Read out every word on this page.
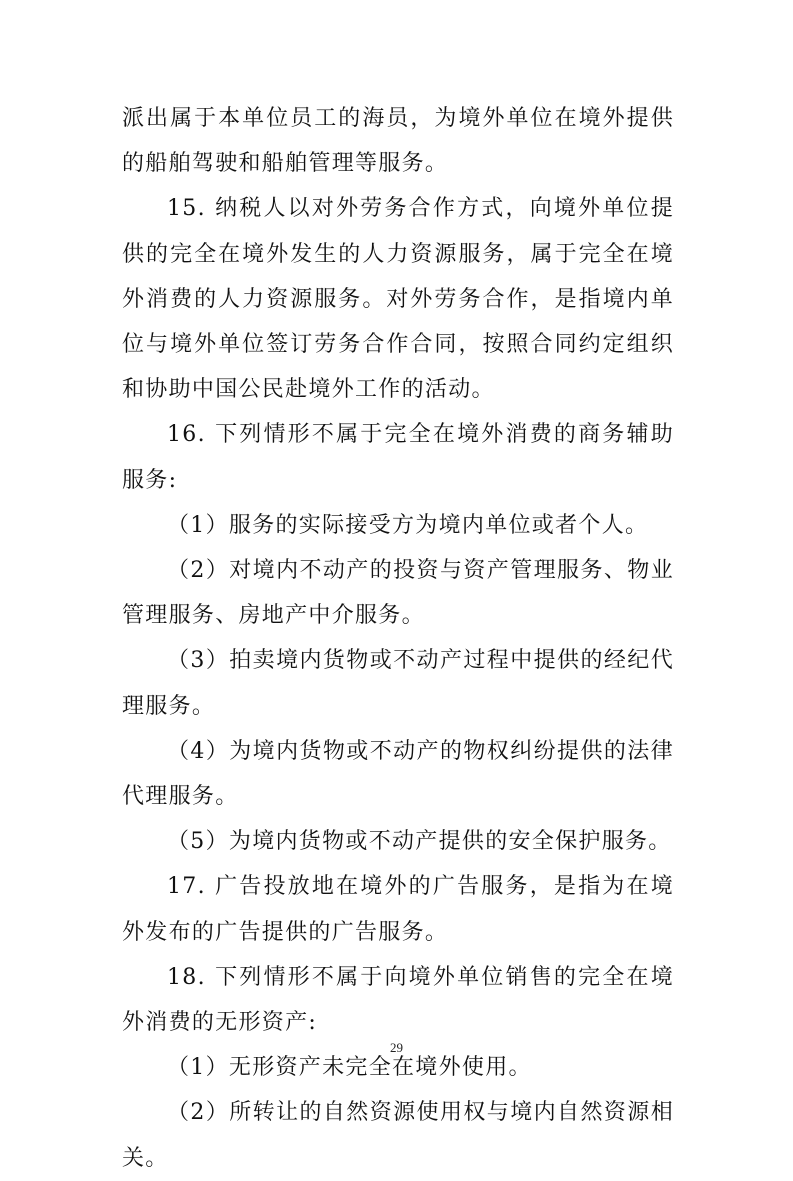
派出属于本单位员工的海员，为境外单位在境外提供的船舶驾驶和船舶管理等服务。

15. 纳税人以对外劳务合作方式，向境外单位提供的完全在境外发生的人力资源服务，属于完全在境外消费的人力资源服务。对外劳务合作，是指境内单位与境外单位签订劳务合作合同，按照合同约定组织和协助中国公民赴境外工作的活动。

16. 下列情形不属于完全在境外消费的商务辅助服务:

（1）服务的实际接受方为境内单位或者个人。

（2）对境内不动产的投资与资产管理服务、物业管理服务、房地产中介服务。

（3）拍卖境内货物或不动产过程中提供的经纪代理服务。

（4）为境内货物或不动产的物权纠纷提供的法律代理服务。

（5）为境内货物或不动产提供的安全保护服务。

17. 广告投放地在境外的广告服务，是指为在境外发布的广告提供的广告服务。

18. 下列情形不属于向境外单位销售的完全在境外消费的无形资产:

（1）无形资产未完全在境外使用。

（2）所转让的自然资源使用权与境内自然资源相关。

29
